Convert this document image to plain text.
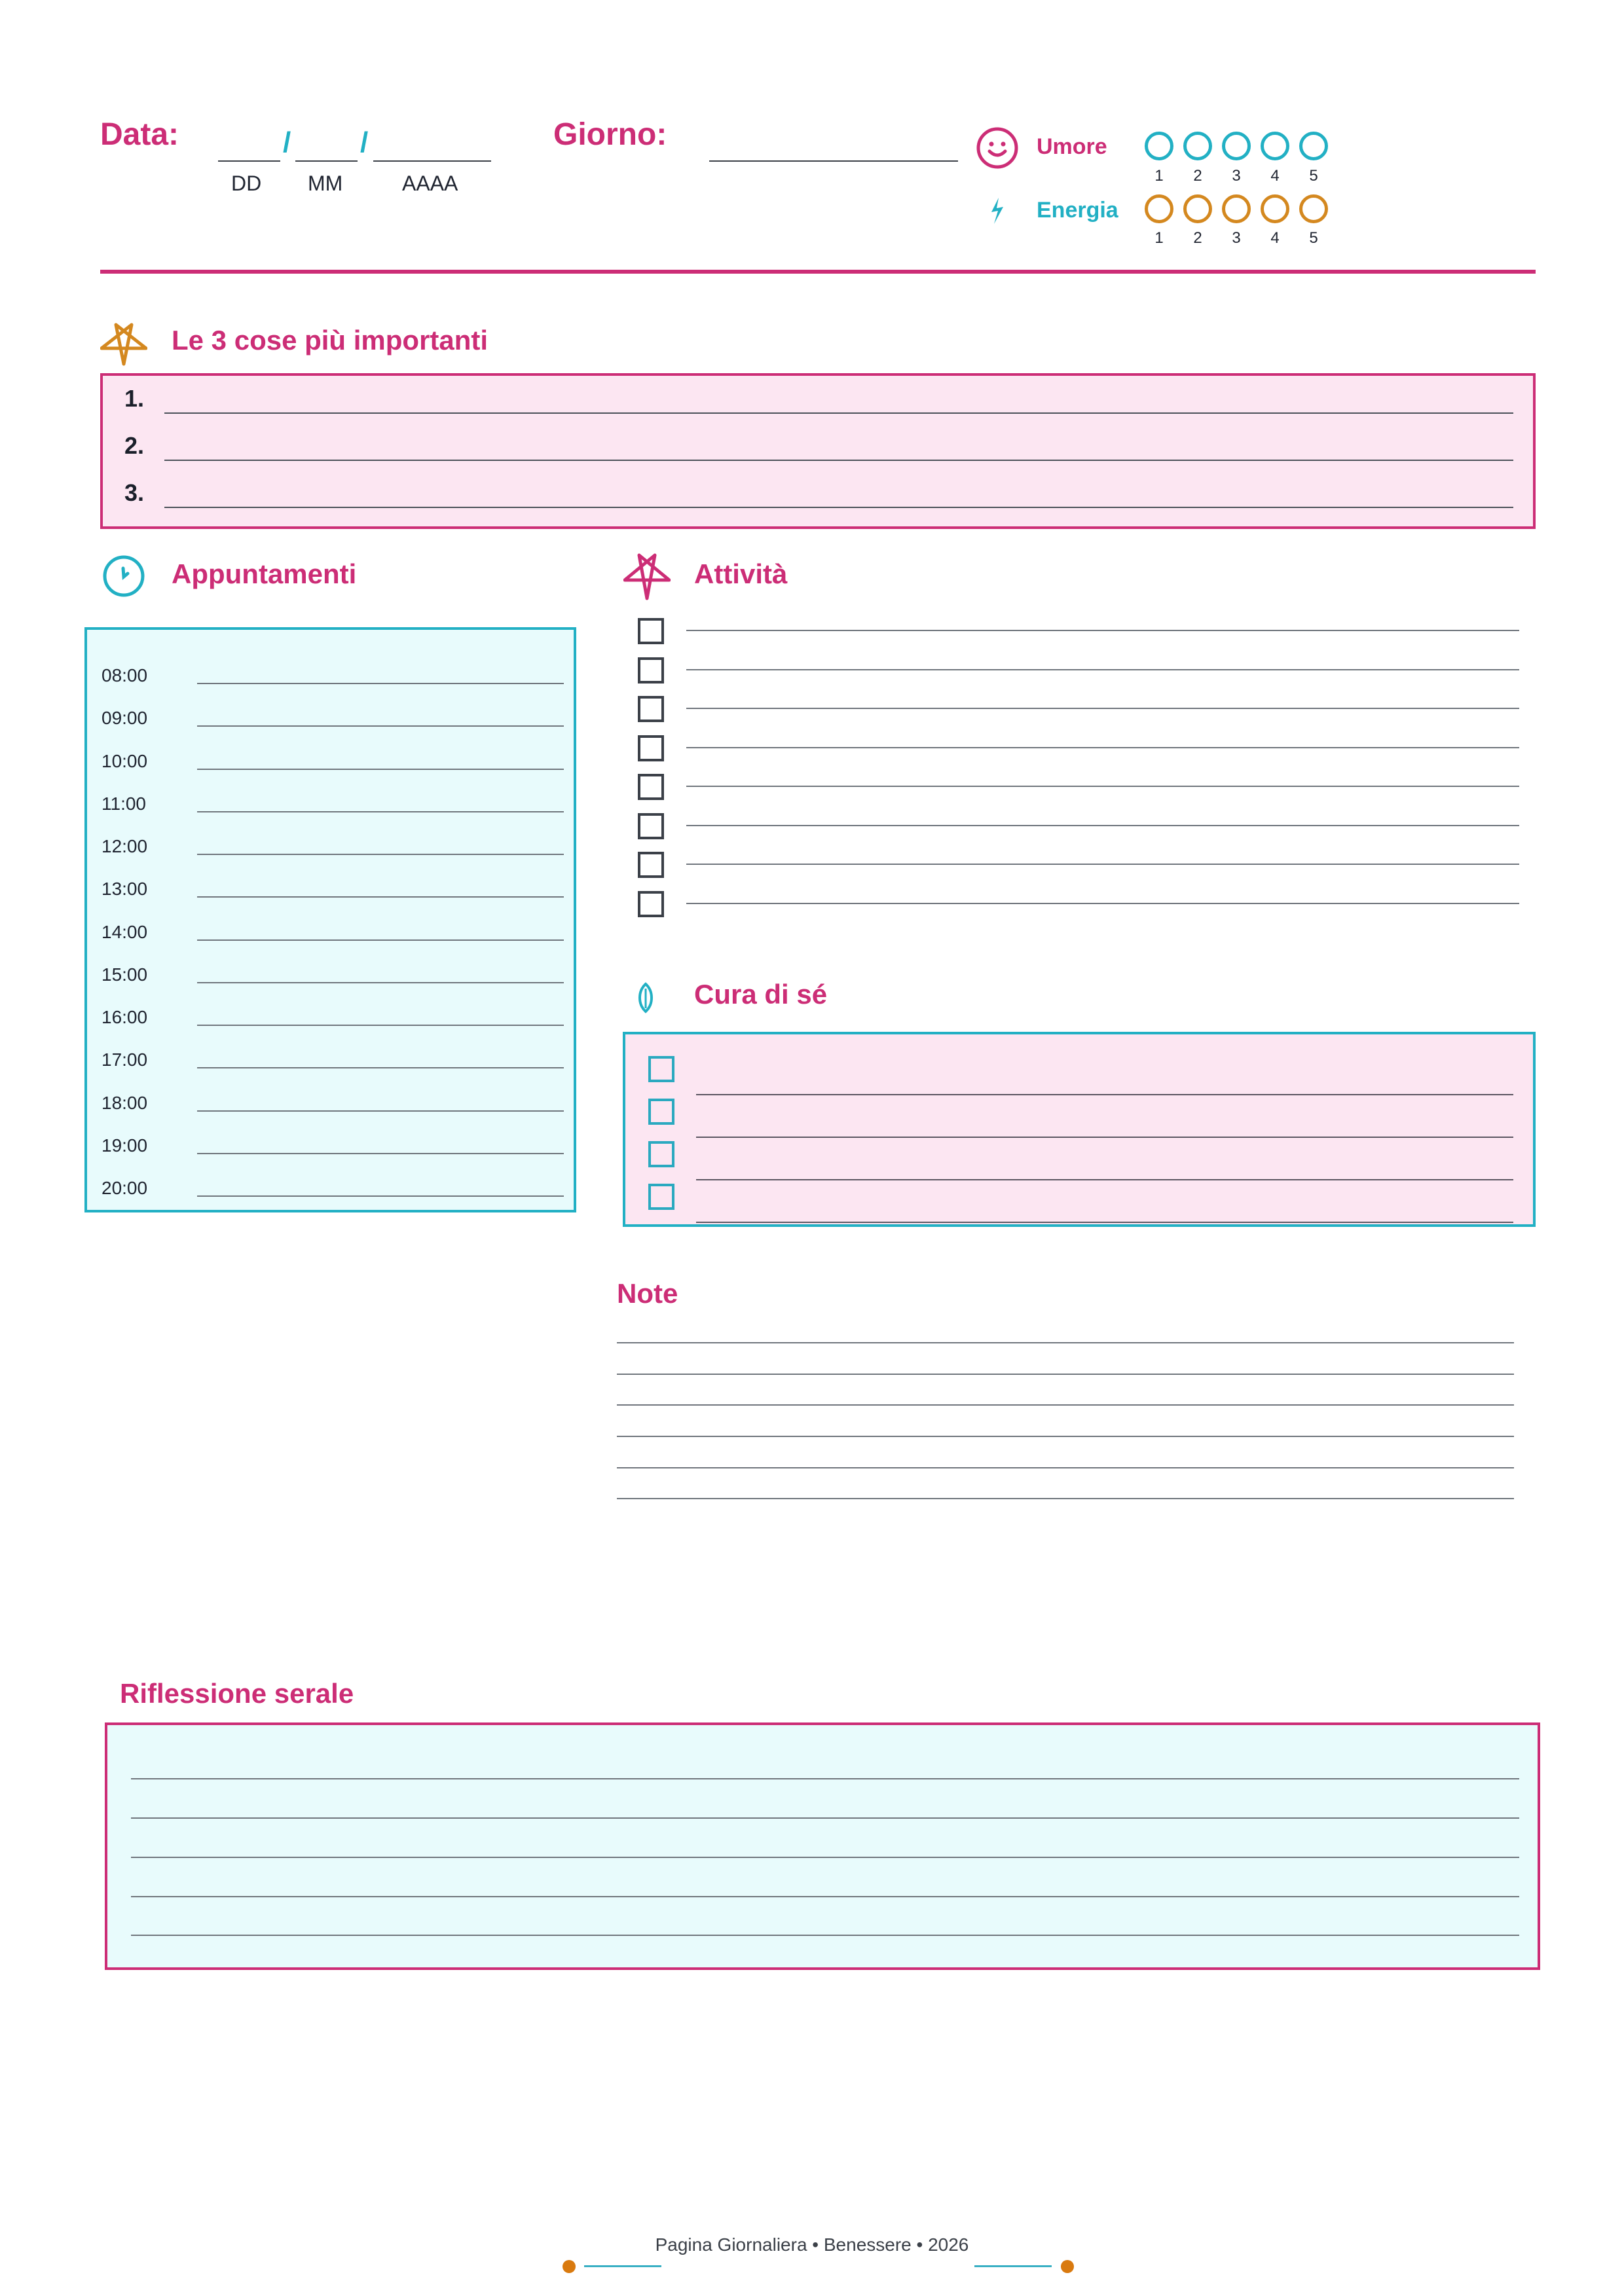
Data:	/ /
DD MM	AAAA
Giorno:	Umore
1	2	3	4	5
Energia
1	2	3	4	5
Le 3 cose più importanti
1.
2.
3.
Appuntamenti
08:00
09:00
10:00
11:00
12:00
13:00
14:00
15:00
16:00
17:00
18:00
19:00
20:00
Attività
Cura di sé
Note
Riflessione serale
Pagina Giornaliera • Benessere • 2026
